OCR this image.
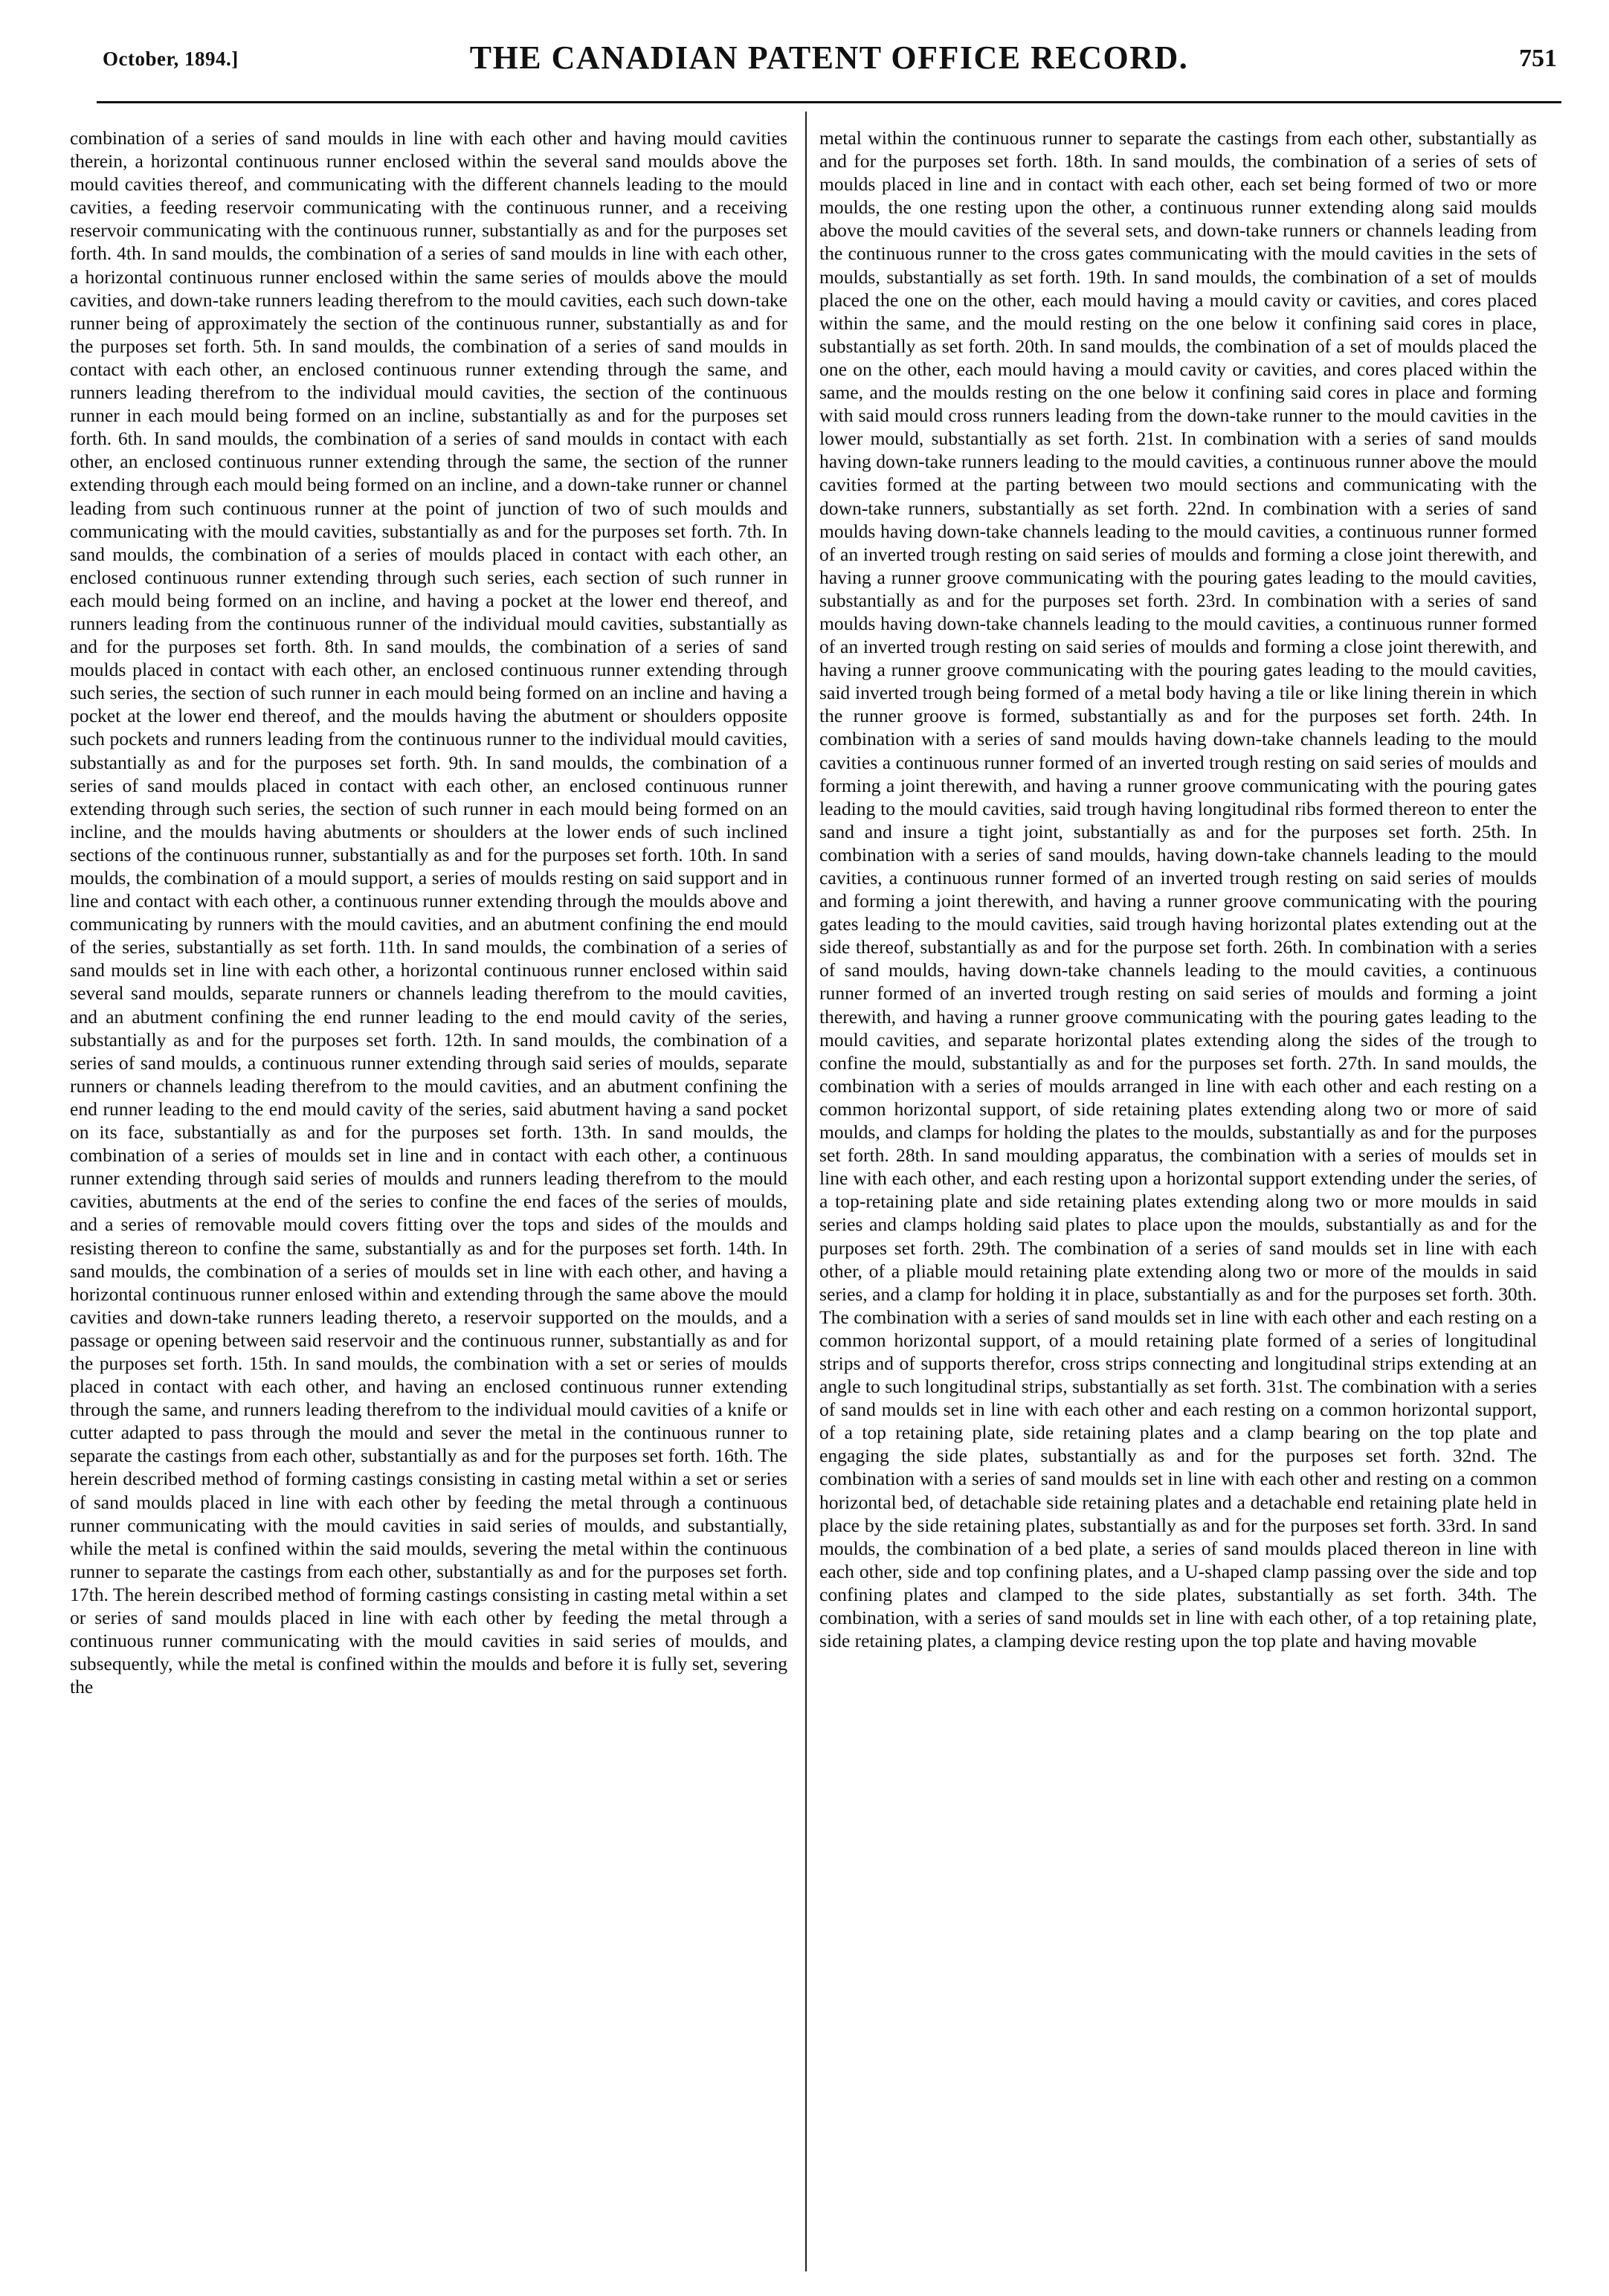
October, 1894.]	THE CANADIAN PATENT OFFICE RECORD.	751

combination of a series of sand moulds in line with each other and having mould cavities therein, a horizontal continuous runner enclosed within the several sand moulds above the mould cavities thereof, and communicating with the different channels leading to the mould cavities, a feeding reservoir communicating with the continuous runner, and a receiving reservoir communicating with the continuous runner, substantially as and for the purposes set forth. 4th. In sand moulds, the combination of a series of sand moulds in line with each other, a horizontal continuous runner enclosed within the same series of moulds above the mould cavities, and down-take runners leading therefrom to the mould cavities, each such down-take runner being of approximately the section of the continuous runner, substantially as and for the purposes set forth. 5th. In sand moulds, the combination of a series of sand moulds in contact with each other, an enclosed continuous runner extending through the same, and runners leading therefrom to the individual mould cavities, the section of the continuous runner in each mould being formed on an incline, substantially as and for the purposes set forth. 6th. In sand moulds, the combination of a series of sand moulds in contact with each other, an enclosed continuous runner extending through the same, the section of the runner extending through each mould being formed on an incline, and a down-take runner or channel leading from such continuous runner at the point of junction of two of such moulds and communicating with the mould cavities, substantially as and for the purposes set forth. 7th. In sand moulds, the combination of a series of moulds placed in contact with each other, an enclosed continuous runner extending through such series, each section of such runner in each mould being formed on an incline, and having a pocket at the lower end thereof, and runners leading from the continuous runner of the individual mould cavities, substantially as and for the purposes set forth. 8th. In sand moulds, the combination of a series of sand moulds placed in contact with each other, an enclosed continuous runner extending through such series, the section of such runner in each mould being formed on an incline and having a pocket at the lower end thereof, and the moulds having the abutment or shoulders opposite such pockets and runners leading from the continuous runner to the individual mould cavities, substantially as and for the purposes set forth. 9th. In sand moulds, the combination of a series of sand moulds placed in contact with each other, an enclosed continuous runner extending through such series, the section of such runner in each mould being formed on an incline, and the moulds having abutments or shoulders at the lower ends of such inclined sections of the continuous runner, substantially as and for the purposes set forth. 10th. In sand moulds, the combination of a mould support, a series of moulds resting on said support and in line and contact with each other, a continuous runner extending through the moulds above and communicating by runners with the mould cavities, and an abutment confining the end mould of the series, substantially as set forth. 11th. In sand moulds, the combination of a series of sand moulds set in line with each other, a horizontal continuous runner enclosed within said several sand moulds, separate runners or channels leading therefrom to the mould cavities, and an abutment confining the end runner leading to the end mould cavity of the series, substantially as and for the purposes set forth. 12th. In sand moulds, the combination of a series of sand moulds, a continuous runner extending through said series of moulds, separate runners or channels leading therefrom to the mould cavities, and an abutment confining the end runner leading to the end mould cavity of the series, said abutment having a sand pocket on its face, substantially as and for the purposes set forth. 13th. In sand moulds, the combination of a series of moulds set in line and in contact with each other, a continuous runner extending through said series of moulds and runners leading therefrom to the mould cavities, abutments at the end of the series to confine the end faces of the series of moulds, and a series of removable mould covers fitting over the tops and sides of the moulds and resisting thereon to confine the same, substantially as and for the purposes set forth. 14th. In sand moulds, the combination of a series of moulds set in line with each other, and having a horizontal continuous runner enlosed within and extending through the same above the mould cavities and down-take runners leading thereto, a reservoir supported on the moulds, and a passage or opening between said reservoir and the continuous runner, substantially as and for the purposes set forth. 15th. In sand moulds, the combination with a set or series of moulds placed in contact with each other, and having an enclosed continuous runner extending through the same, and runners leading therefrom to the individual mould cavities of a knife or cutter adapted to pass through the mould and sever the metal in the continuous runner to separate the castings from each other, substantially as and for the purposes set forth. 16th. The herein described method of forming castings consisting in casting metal within a set or series of sand moulds placed in line with each other by feeding the metal through a continuous runner communicating with the mould cavities in said series of moulds, and substantially, while the metal is confined within the said moulds, severing the metal within the continuous runner to separate the castings from each other, substantially as and for the purposes set forth. 17th. The herein described method of forming castings consisting in casting metal within a set or series of sand moulds placed in line with each other by feeding the metal through a continuous runner communicating with the mould cavities in said series of moulds, and subsequently, while the metal is confined within the moulds and before it is fully set, severing the

metal within the continuous runner to separate the castings from each other, substantially as and for the purposes set forth. 18th. In sand moulds, the combination of a series of sets of moulds placed in line and in contact with each other, each set being formed of two or more moulds, the one resting upon the other, a continuous runner extending along said moulds above the mould cavities of the several sets, and down-take runners or channels leading from the continuous runner to the cross gates communicating with the mould cavities in the sets of moulds, substantially as set forth. 19th. In sand moulds, the combination of a set of moulds placed the one on the other, each mould having a mould cavity or cavities, and cores placed within the same, and the mould resting on the one below it confining said cores in place, substantially as set forth. 20th. In sand moulds, the combination of a set of moulds placed the one on the other, each mould having a mould cavity or cavities, and cores placed within the same, and the moulds resting on the one below it confining said cores in place and forming with said mould cross runners leading from the down-take runner to the mould cavities in the lower mould, substantially as set forth. 21st. In combination with a series of sand moulds having down-take runners leading to the mould cavities, a continuous runner above the mould cavities formed at the parting between two mould sections and communicating with the down-take runners, substantially as set forth. 22nd. In combination with a series of sand moulds having down-take channels leading to the mould cavities, a continuous runner formed of an inverted trough resting on said series of moulds and forming a close joint therewith, and having a runner groove communicating with the pouring gates leading to the mould cavities, substantially as and for the purposes set forth. 23rd. In combination with a series of sand moulds having down-take channels leading to the mould cavities, a continuous runner formed of an inverted trough resting on said series of moulds and forming a close joint therewith, and having a runner groove communicating with the pouring gates leading to the mould cavities, said inverted trough being formed of a metal body having a tile or like lining therein in which the runner groove is formed, substantially as and for the purposes set forth. 24th. In combination with a series of sand moulds having down-take channels leading to the mould cavities a continuous runner formed of an inverted trough resting on said series of moulds and forming a joint therewith, and having a runner groove communicating with the pouring gates leading to the mould cavities, said trough having longitudinal ribs formed thereon to enter the sand and insure a tight joint, substantially as and for the purposes set forth. 25th. In combination with a series of sand moulds, having down-take channels leading to the mould cavities, a continuous runner formed of an inverted trough resting on said series of moulds and forming a joint therewith, and having a runner groove communicating with the pouring gates leading to the mould cavities, said trough having horizontal plates extending out at the side thereof, substantially as and for the purpose set forth. 26th. In combination with a series of sand moulds, having down-take channels leading to the mould cavities, a continuous runner formed of an inverted trough resting on said series of moulds and forming a joint therewith, and having a runner groove communicating with the pouring gates leading to the mould cavities, and separate horizontal plates extending along the sides of the trough to confine the mould, substantially as and for the purposes set forth. 27th. In sand moulds, the combination with a series of moulds arranged in line with each other and each resting on a common horizontal support, of side retaining plates extending along two or more of said moulds, and clamps for holding the plates to the moulds, substantially as and for the purposes set forth. 28th. In sand moulding apparatus, the combination with a series of moulds set in line with each other, and each resting upon a horizontal support extending under the series, of a top-retaining plate and side retaining plates extending along two or more moulds in said series and clamps holding said plates to place upon the moulds, substantially as and for the purposes set forth. 29th. The combination of a series of sand moulds set in line with each other, of a pliable mould retaining plate extending along two or more of the moulds in said series, and a clamp for holding it in place, substantially as and for the purposes set forth. 30th. The combination with a series of sand moulds set in line with each other and each resting on a common horizontal support, of a mould retaining plate formed of a series of longitudinal strips and of supports therefor, cross strips connecting and longitudinal strips extending at an angle to such longitudinal strips, substantially as set forth. 31st. The combination with a series of sand moulds set in line with each other and each resting on a common horizontal support, of a top retaining plate, side retaining plates and a clamp bearing on the top plate and engaging the side plates, substantially as and for the purposes set forth. 32nd. The combination with a series of sand moulds set in line with each other and resting on a common horizontal bed, of detachable side retaining plates and a detachable end retaining plate held in place by the side retaining plates, substantially as and for the purposes set forth. 33rd. In sand moulds, the combination of a bed plate, a series of sand moulds placed thereon in line with each other, side and top confining plates, and a U-shaped clamp passing over the side and top confining plates and clamped to the side plates, substantially as set forth. 34th. The combination, with a series of sand moulds set in line with each other, of a top retaining plate, side retaining plates, a clamping device resting upon the top plate and having movable
